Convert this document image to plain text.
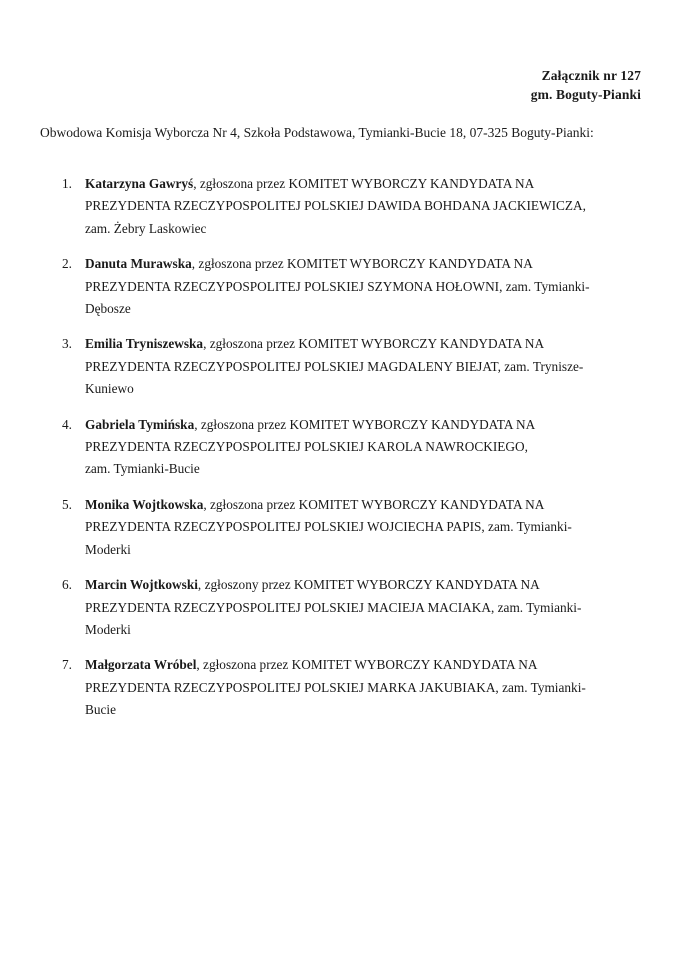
Załącznik nr 127
gm. Boguty-Pianki
Obwodowa Komisja Wyborcza Nr 4, Szkoła Podstawowa, Tymianki-Bucie 18, 07-325 Boguty-Pianki:
1. Katarzyna Gawryś, zgłoszona przez KOMITET WYBORCZY KANDYDATA NA
PREZYDENTA RZECZYPOSPOLITEJ POLSKIEJ DAWIDA BOHDANA JACKIEWICZA,
zam. Żebry Laskowiec
2. Danuta Murawska, zgłoszona przez KOMITET WYBORCZY KANDYDATA NA
PREZYDENTA RZECZYPOSPOLITEJ POLSKIEJ SZYMONA HOŁOWNI, zam. Tymianki-
Dębosze
3. Emilia Tryniszewska, zgłoszona przez KOMITET WYBORCZY KANDYDATA NA
PREZYDENTA RZECZYPOSPOLITEJ POLSKIEJ MAGDALENY BIEJAT, zam. Trynisze-
Kuniewo
4. Gabriela Tymińska, zgłoszona przez KOMITET WYBORCZY KANDYDATA NA
PREZYDENTA RZECZYPOSPOLITEJ POLSKIEJ KAROLA NAWROCKIEGO,
zam. Tymianki-Bucie
5. Monika Wojtkowska, zgłoszona przez KOMITET WYBORCZY KANDYDATA NA
PREZYDENTA RZECZYPOSPOLITEJ POLSKIEJ WOJCIECHA PAPIS, zam. Tymianki-
Moderki
6. Marcin Wojtkowski, zgłoszony przez KOMITET WYBORCZY KANDYDATA NA
PREZYDENTA RZECZYPOSPOLITEJ POLSKIEJ MACIEJA MACIAKA, zam. Tymianki-
Moderki
7. Małgorzata Wróbel, zgłoszona przez KOMITET WYBORCZY KANDYDATA NA
PREZYDENTA RZECZYPOSPOLITEJ POLSKIEJ MARKA JAKUBIAKA, zam. Tymianki-
Bucie
